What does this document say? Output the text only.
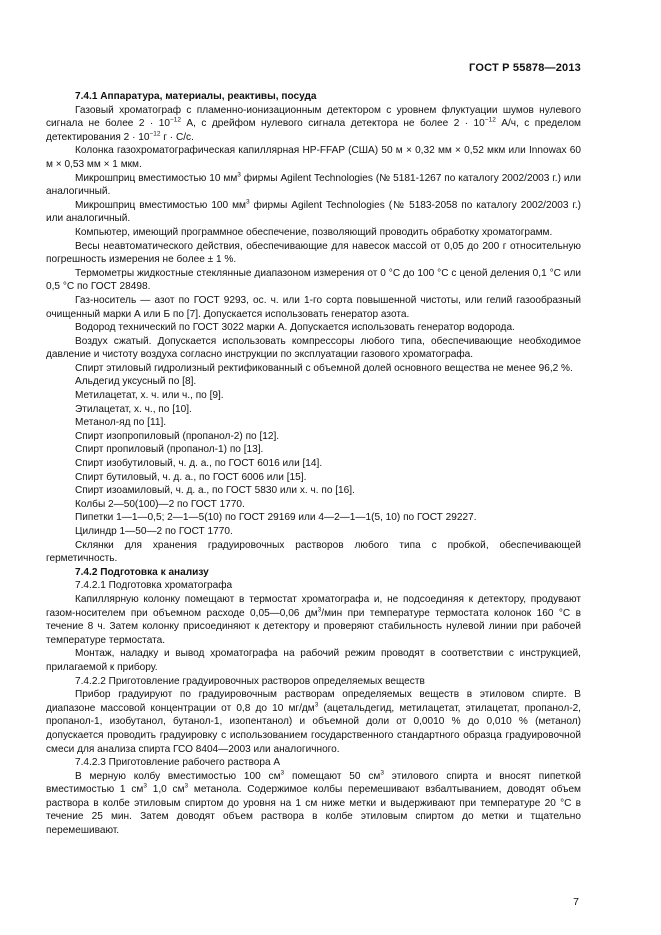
ГОСТ Р 55878—2013

7.4.1 Аппаратура, материалы, реактивы, посуда

Газовый хроматограф с пламенно-ионизационным детектором с уровнем флуктуации шумов нулевого сигнала не более $2 \cdot 10^{-12}$ А, с дрейфом нулевого сигнала детектора не более $2 \cdot 10^{-12}$ А/ч, с пределом детектирования $2 \cdot 10^{-12}$ г · С/с.

Колонка газохроматографическая капиллярная HP-FFAP (США) 50 м × 0,32 мм × 0,52 мкм или Innowax 60 м × 0,53 мм × 1 мкм.

Микрошприц вместимостью 10 $мм^3$ фирмы Agilent Technologies (№ 5181-1267 по каталогу 2002/2003 г.) или аналогичный.

Микрошприц вместимостью 100 $мм^3$ фирмы Agilent Technologies (№ 5183-2058 по каталогу 2002/2003 г.) или аналогичный.

Компьютер, имеющий программное обеспечение, позволяющий проводить обработку хроматограмм.

Весы неавтоматического действия, обеспечивающие для навесок массой от 0,05 до 200 г относительную погрешность измерения не более ± 1 %.

Термометры жидкостные стеклянные диапазоном измерения от 0 °С до 100 °С с ценой деления 0,1 °С или 0,5 °С по ГОСТ 28498.

Газ-носитель — азот по ГОСТ 9293, ос. ч. или 1-го сорта повышенной чистоты, или гелий газообразный очищенный марки А или Б по [7]. Допускается использовать генератор азота.

Водород технический по ГОСТ 3022 марки А. Допускается использовать генератор водорода.

Воздух сжатый. Допускается использовать компрессоры любого типа, обеспечивающие необходимое давление и чистоту воздуха согласно инструкции по эксплуатации газового хроматографа.

Спирт этиловый гидролизный ректификованный с объемной долей основного вещества не менее 96,2 %.

Альдегид уксусный по [8].

Метилацетат, х. ч. или ч., по [9].

Этилацетат, х. ч., по [10].

Метанол-яд по [11].

Спирт изопропиловый (пропанол-2) по [12].

Спирт пропиловый (пропанол-1) по [13].

Спирт изобутиловый, ч. д. а., по ГОСТ 6016 или [14].

Спирт бутиловый, ч. д. а., по ГОСТ 6006 или [15].

Спирт изоамиловый, ч. д. а., по ГОСТ 5830 или х. ч. по [16].

Колбы 2—50(100)—2 по ГОСТ 1770.

Пипетки 1—1—0,5; 2—1—5(10) по ГОСТ 29169 или 4—2—1—1(5, 10) по ГОСТ 29227.

Цилиндр 1—50—2 по ГОСТ 1770.

Склянки для хранения градуировочных растворов любого типа с пробкой, обеспечивающей герметичность.

7.4.2 Подготовка к анализу

7.4.2.1 Подготовка хроматографа

Капиллярную колонку помещают в термостат хроматографа и, не подсоединяя к детектору, продувают газом-носителем при объемном расходе 0,05—0,06 $дм^3$/мин при температуре термостата колонок 160 °С в течение 8 ч. Затем колонку присоединяют к детектору и проверяют стабильность нулевой линии при рабочей температуре термостата.

Монтаж, наладку и вывод хроматографа на рабочий режим проводят в соответствии с инструкцией, прилагаемой к прибору.

7.4.2.2 Приготовление градуировочных растворов определяемых веществ

Прибор градуируют по градуировочным растворам определяемых веществ в этиловом спирте. В диапазоне массовой концентрации от 0,8 до 10 $мг/дм^3$ (ацетальдегид, метилацетат, этилацетат, пропанол-2, пропанол-1, изобутанол, бутанол-1, изопентанол) и объемной доли от 0,0010 % до 0,010 % (метанол) допускается проводить градуировку с использованием государственного стандартного образца градуировочной смеси для анализа спирта ГСО 8404—2003 или аналогичного.

7.4.2.3 Приготовление рабочего раствора А

В мерную колбу вместимостью 100 $см^3$ помещают 50 $см^3$ этилового спирта и вносят пипеткой вместимостью 1 $см^3$ 1,0 $см^3$ метанола. Содержимое колбы перемешивают взбалтыванием, доводят объем раствора в колбе этиловым спиртом до уровня на 1 см ниже метки и выдерживают при температуре 20 °С в течение 25 мин. Затем доводят объем раствора в колбе этиловым спиртом до метки и тщательно перемешивают.

7
